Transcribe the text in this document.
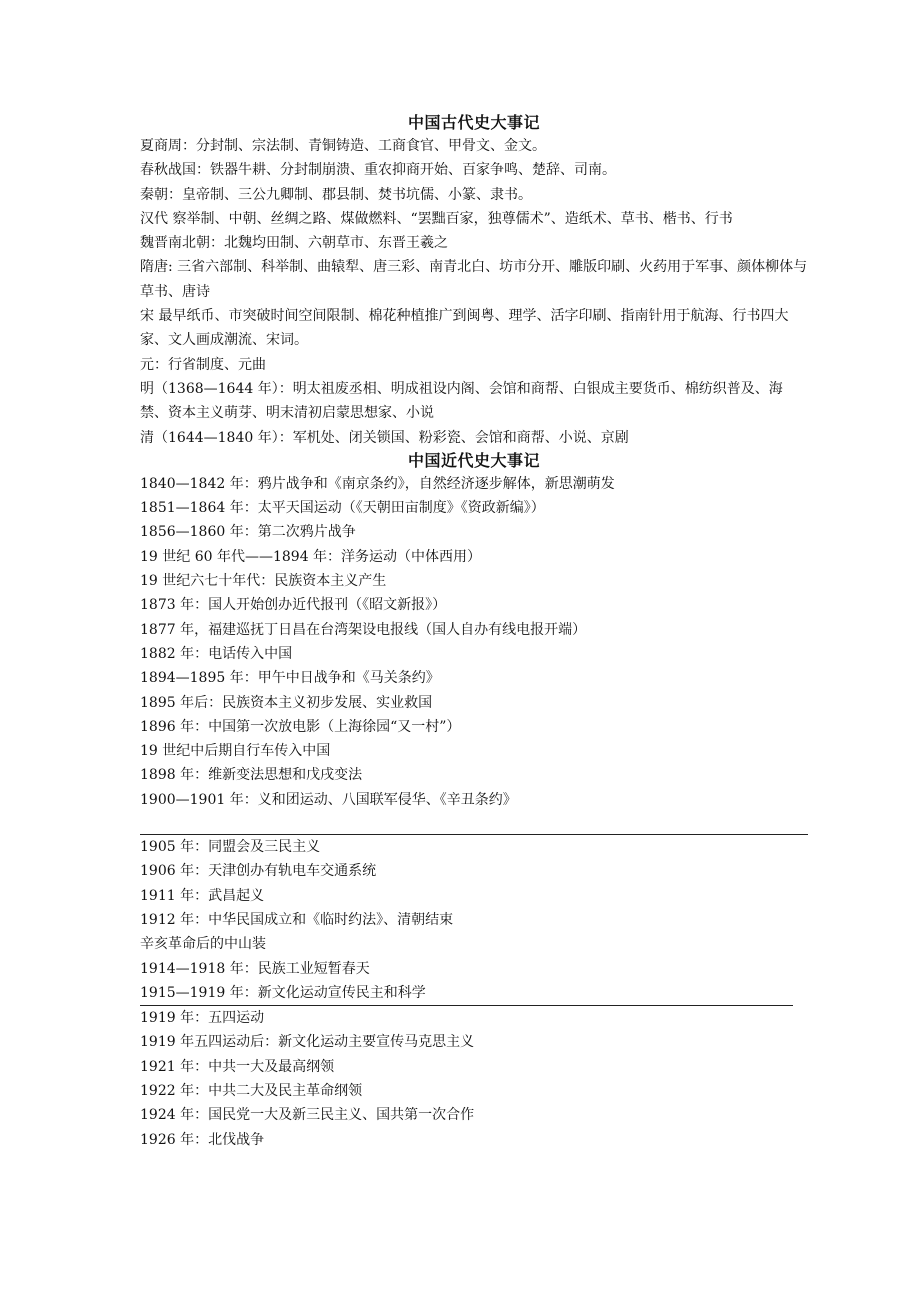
中国古代史大事记
夏商周：分封制、宗法制、青铜铸造、工商食官、甲骨文、金文。
春秋战国：铁器牛耕、分封制崩溃、重农抑商开始、百家争鸣、楚辞、司南。
秦朝：皇帝制、三公九卿制、郡县制、焚书坑儒、小篆、隶书。
汉代 察举制、中朝、丝绸之路、煤做燃料、“罢黜百家，独尊儒术”、造纸术、草书、楷书、行书
魏晋南北朝：北魏均田制、六朝草市、东晋王羲之
隋唐: 三省六部制、科举制、曲辕犁、唐三彩、南青北白、坊市分开、雕版印刷、火药用于军事、颜体柳体与草书、唐诗
宋 最早纸币、市突破时间空间限制、棉花种植推广到闽粤、理学、活字印刷、指南针用于航海、行书四大家、文人画成潮流、宋词。
元：行省制度、元曲
明（1368—1644 年）：明太祖废丞相、明成祖设内阁、会馆和商帮、白银成主要货币、棉纺织普及、海禁、资本主义萌芽、明末清初启蒙思想家、小说
清（1644—1840 年）：军机处、闭关锁国、粉彩瓷、会馆和商帮、小说、京剧
中国近代史大事记
1840—1842 年：鸦片战争和《南京条约》，自然经济逐步解体，新思潮萌发
1851—1864 年：太平天国运动（《天朝田亩制度》《资政新编》）
1856—1860 年：第二次鸦片战争
19 世纪 60 年代——1894 年：洋务运动（中体西用）
19 世纪六七十年代：民族资本主义产生
1873 年：国人开始创办近代报刊（《昭文新报》）
1877 年，福建巡抚丁日昌在台湾架设电报线（国人自办有线电报开端）
1882 年：电话传入中国
1894—1895 年：甲午中日战争和《马关条约》
1895 年后：民族资本主义初步发展、实业救国
1896 年：中国第一次放电影（上海徐园“又一村”）
19 世纪中后期自行车传入中国
1898 年：维新变法思想和戊戌变法
1900—1901 年：义和团运动、八国联军侵华、《辛丑条约》
1905 年：同盟会及三民主义
1906 年：天津创办有轨电车交通系统
1911 年：武昌起义
1912 年：中华民国成立和《临时约法》、清朝结束
辛亥革命后的中山装
1914—1918 年：民族工业短暂春天
1915—1919 年：新文化运动宣传民主和科学
1919 年：五四运动
1919 年五四运动后：新文化运动主要宣传马克思主义
1921 年：中共一大及最高纲领
1922 年：中共二大及民主革命纲领
1924 年：国民党一大及新三民主义、国共第一次合作
1926 年：北伐战争
